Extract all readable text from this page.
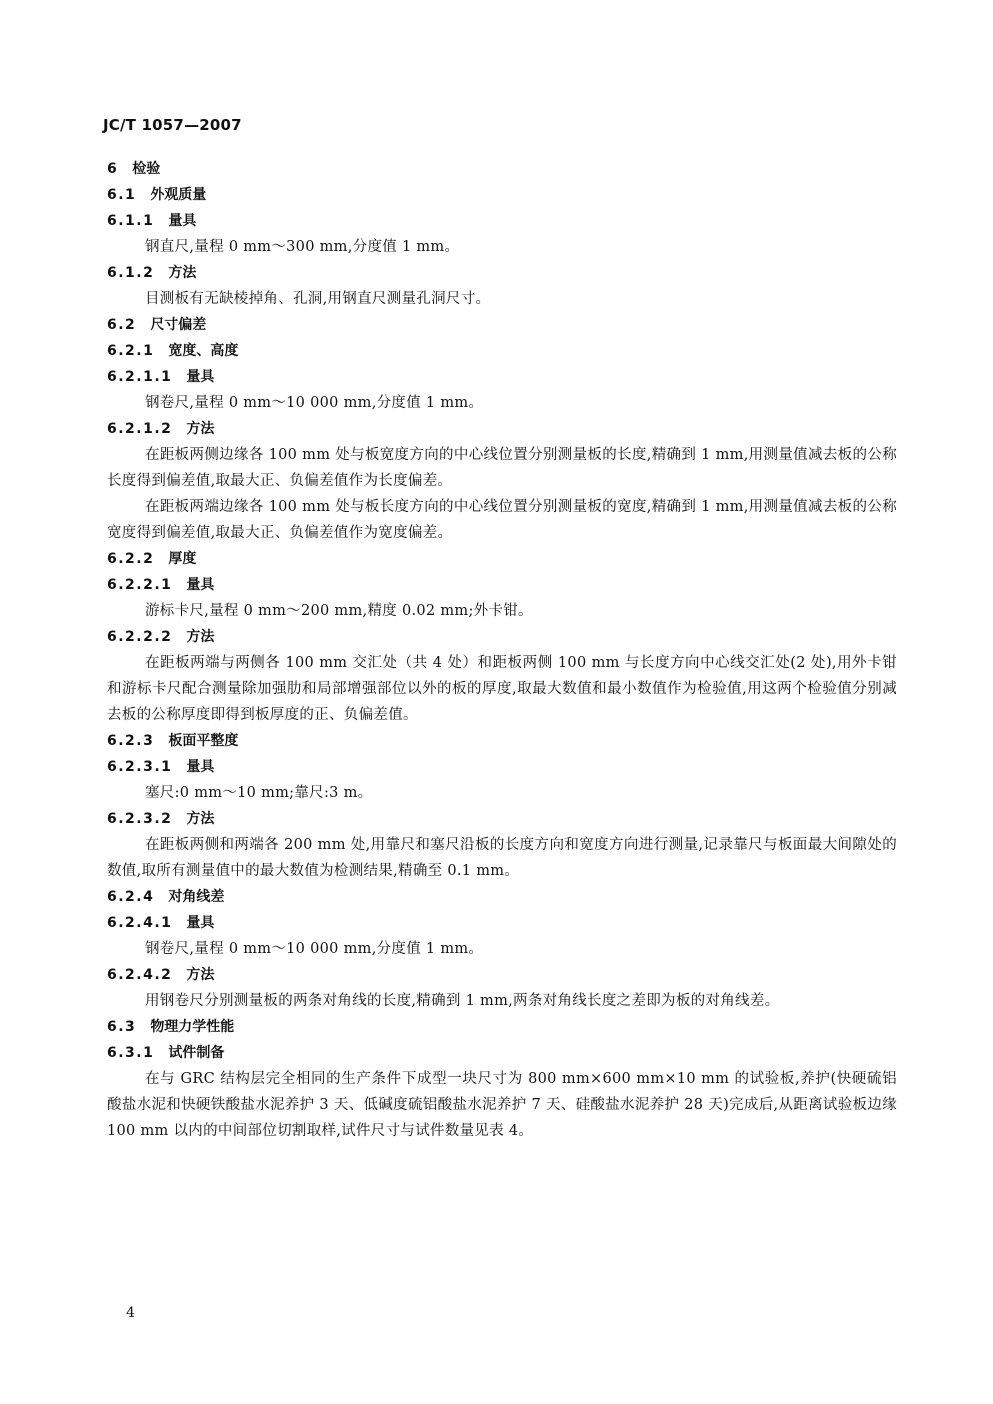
JC/T 1057—2007
6 检验
6.1 外观质量
6.1.1 量具
钢直尺,量程 0 mm～300 mm,分度值 1 mm。
6.1.2 方法
目测板有无缺棱掉角、孔洞,用钢直尺测量孔洞尺寸。
6.2 尺寸偏差
6.2.1 宽度、高度
6.2.1.1 量具
钢卷尺,量程 0 mm～10 000 mm,分度值 1 mm。
6.2.1.2 方法
在距板两侧边缘各 100 mm 处与板宽度方向的中心线位置分别测量板的长度,精确到 1 mm,用测量值减去板的公称长度得到偏差值,取最大正、负偏差值作为长度偏差。
在距板两端边缘各 100 mm 处与板长度方向的中心线位置分别测量板的宽度,精确到 1 mm,用测量值减去板的公称宽度得到偏差值,取最大正、负偏差值作为宽度偏差。
6.2.2 厚度
6.2.2.1 量具
游标卡尺,量程 0 mm～200 mm,精度 0.02 mm;外卡钳。
6.2.2.2 方法
在距板两端与两侧各 100 mm 交汇处（共 4 处）和距板两侧 100 mm 与长度方向中心线交汇处(2 处),用外卡钳和游标卡尺配合测量除加强肋和局部增强部位以外的板的厚度,取最大数值和最小数值作为检验值,用这两个检验值分别减去板的公称厚度即得到板厚度的正、负偏差值。
6.2.3 板面平整度
6.2.3.1 量具
塞尺:0 mm～10 mm;靠尺:3 m。
6.2.3.2 方法
在距板两侧和两端各 200 mm 处,用靠尺和塞尺沿板的长度方向和宽度方向进行测量,记录靠尺与板面最大间隙处的数值,取所有测量值中的最大数值为检测结果,精确至 0.1 mm。
6.2.4 对角线差
6.2.4.1 量具
钢卷尺,量程 0 mm～10 000 mm,分度值 1 mm。
6.2.4.2 方法
用钢卷尺分别测量板的两条对角线的长度,精确到 1 mm,两条对角线长度之差即为板的对角线差。
6.3 物理力学性能
6.3.1 试件制备
在与 GRC 结构层完全相同的生产条件下成型一块尺寸为 800 mm×600 mm×10 mm 的试验板,养护(快硬硫铝酸盐水泥和快硬铁酸盐水泥养护 3 天、低碱度硫铝酸盐水泥养护 7 天、硅酸盐水泥养护 28 天)完成后,从距离试验板边缘 100 mm 以内的中间部位切割取样,试件尺寸与试件数量见表 4。
4
